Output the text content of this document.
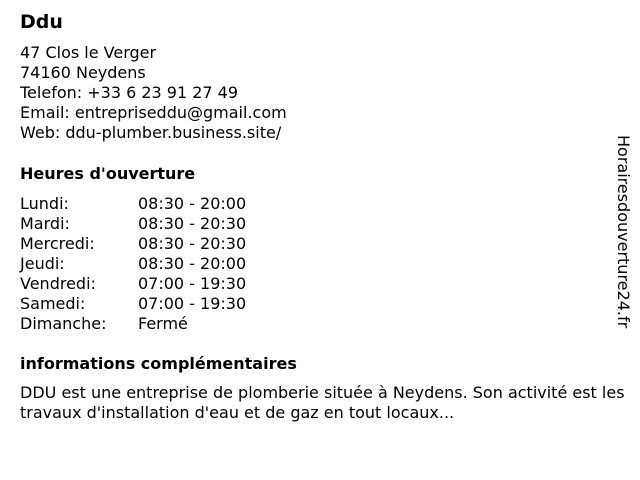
Ddu
47 Clos le Verger
74160 Neydens
Telefon: +33 6 23 91 27 49
Email: entrepriseddu@gmail.com
Web: ddu-plumber.business.site/
Heures d'ouverture
Lundi:	08:30 - 20:00
Mardi:	08:30 - 20:30
Mercredi:	08:30 - 20:30
Jeudi:	08:30 - 20:00
Vendredi:	07:00 - 19:30
Samedi:	07:00 - 19:30
Dimanche: Fermé
informations complémentaires
DDU est une entreprise de plomberie située à Neydens. Son activité est les travaux d'installation d'eau et de gaz en tout locaux...
Horairesdouverture24.fr
